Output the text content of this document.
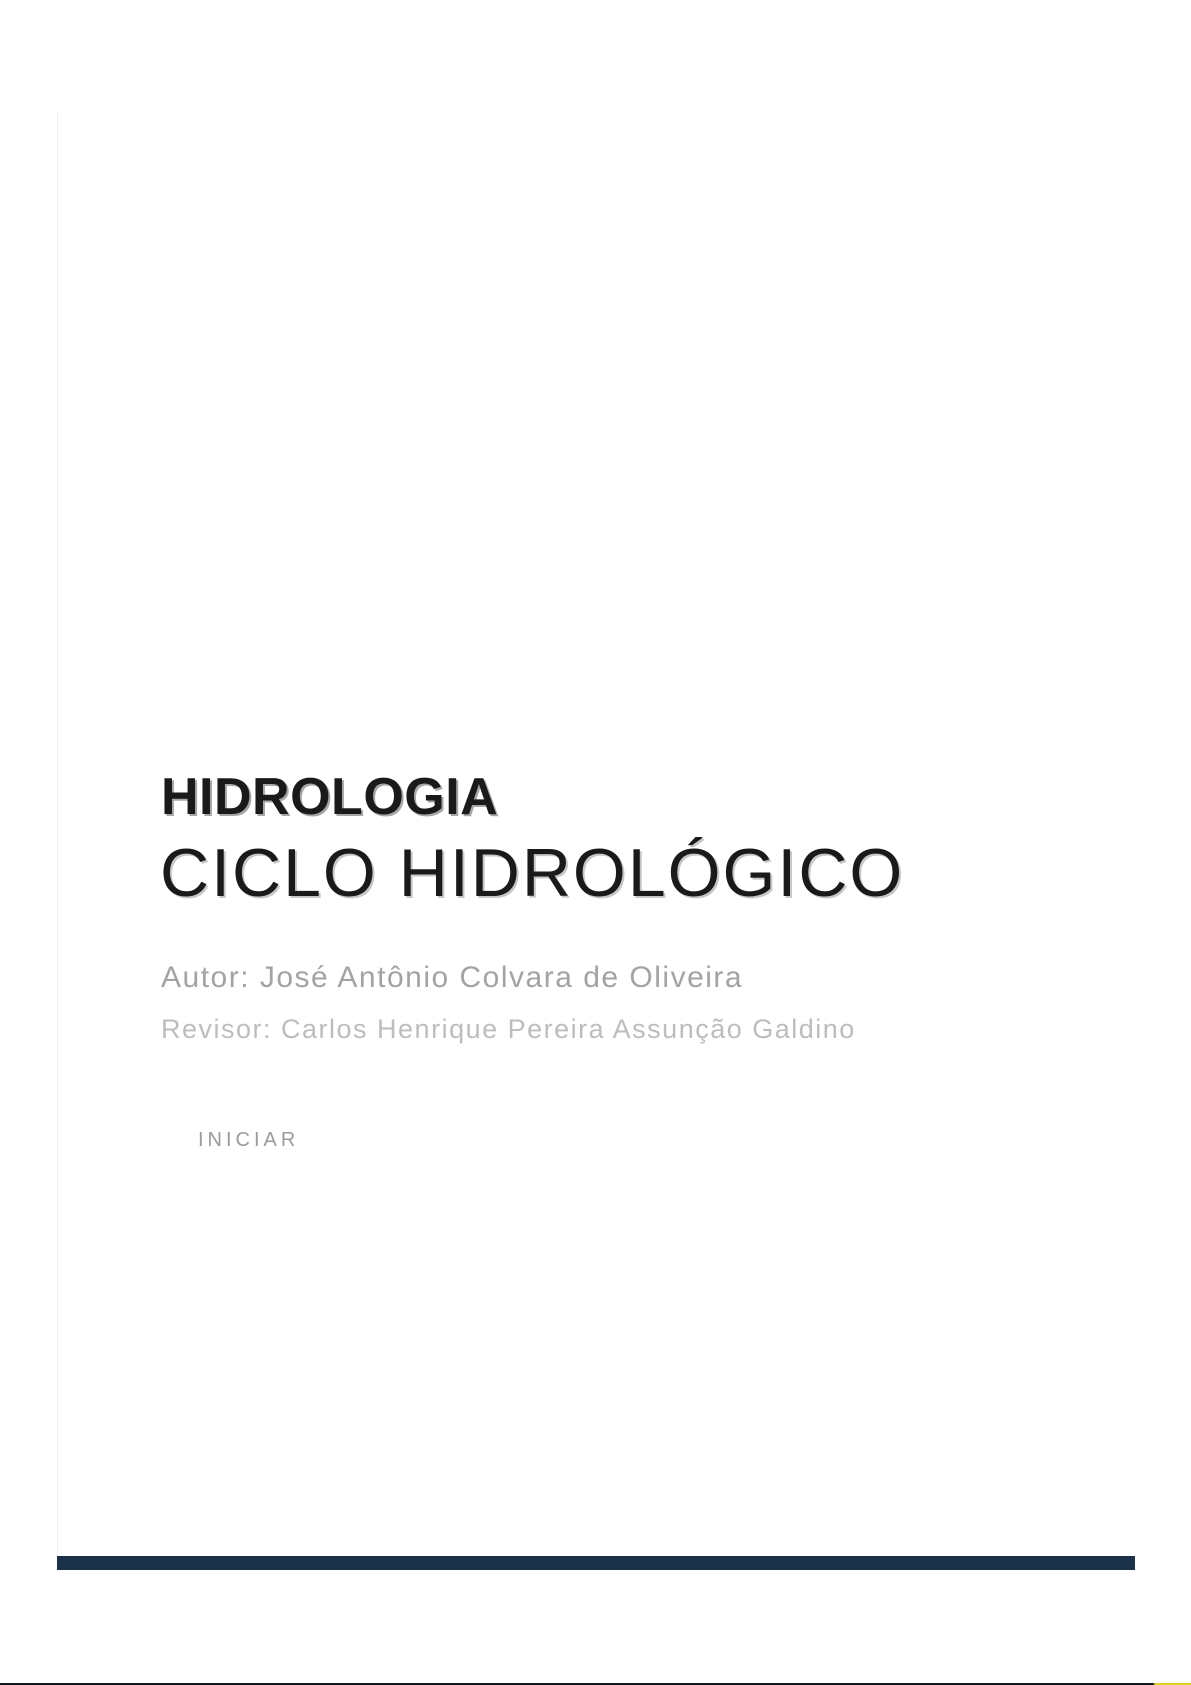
HIDROLOGIA
CICLO HIDROLÓGICO

Autor: José Antônio Colvara de Oliveira

Revisor: Carlos Henrique Pereira Assunção Galdino

INICIAR
